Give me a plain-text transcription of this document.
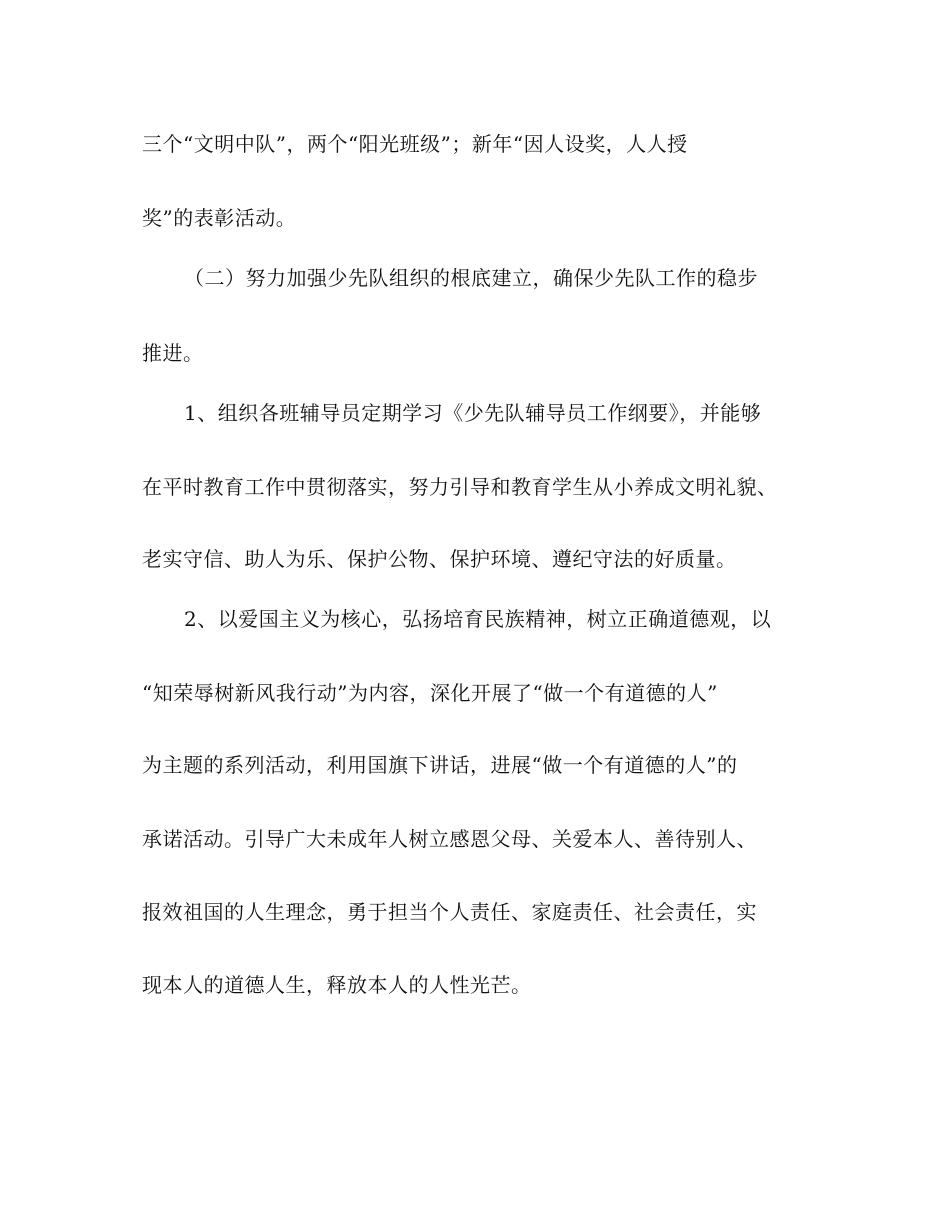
三个“文明中队”，两个“阳光班级”；新年“因人设奖，人人授
奖”的表彰活动。
（二）努力加强少先队组织的根底建立，确保少先队工作的稳步
推进。
1、组织各班辅导员定期学习《少先队辅导员工作纲要》，并能够
在平时教育工作中贯彻落实，努力引导和教育学生从小养成文明礼貌、
老实守信、助人为乐、保护公物、保护环境、遵纪守法的好质量。
2、以爱国主义为核心，弘扬培育民族精神，树立正确道德观，以
“知荣辱树新风我行动”为内容，深化开展了“做一个有道德的人”
为主题的系列活动，利用国旗下讲话，进展“做一个有道德的人”的
承诺活动。引导广大未成年人树立感恩父母、关爱本人、善待别人、
报效祖国的人生理念，勇于担当个人责任、家庭责任、社会责任，实
现本人的道德人生，释放本人的人性光芒。
